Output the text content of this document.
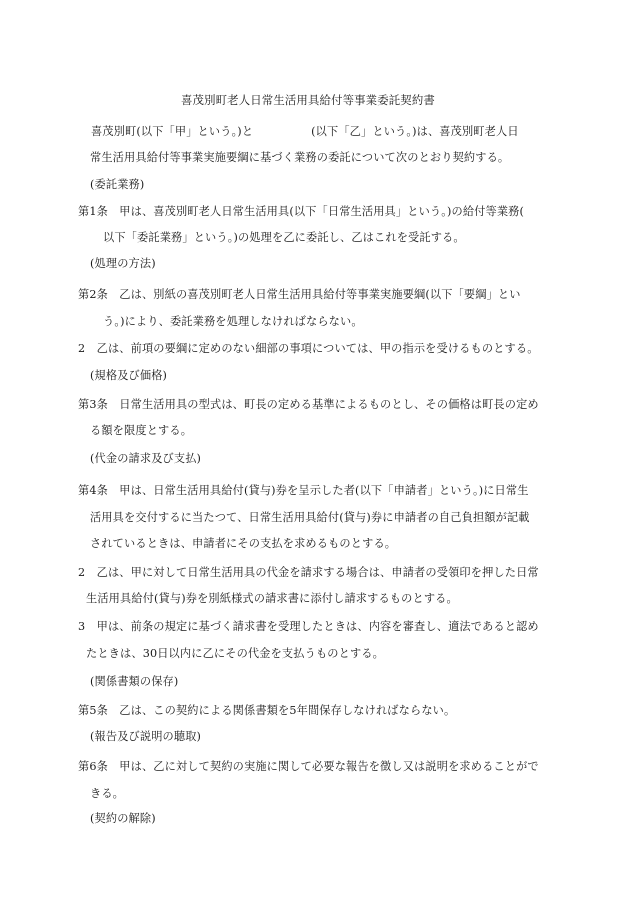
喜茂別町老人日常生活用具給付等事業委託契約書
喜茂別町(以下「甲」という。)と	(以下「乙」という。)は、喜茂別町老人日
常生活用具給付等事業実施要綱に基づく業務の委託について次のとおり契約する。
(委託業務)
第1条　甲は、喜茂別町老人日常生活用具(以下「日常生活用具」という。)の給付等業務(
以下「委託業務」という。)の処理を乙に委託し、乙はこれを受託する。
(処理の方法)
第2条　乙は、別紙の喜茂別町老人日常生活用具給付等事業実施要綱(以下「要綱」とい
う。)により、委託業務を処理しなければならない。
2　乙は、前項の要綱に定めのない細部の事項については、甲の指示を受けるものとする。
(規格及び価格)
第3条　日常生活用具の型式は、町長の定める基準によるものとし、その価格は町長の定め
る額を限度とする。
(代金の請求及び支払)
第4条　甲は、日常生活用具給付(貸与)券を呈示した者(以下「申請者」という。)に日常生
活用具を交付するに当たつて、日常生活用具給付(貸与)券に申請者の自己負担額が記載
されているときは、申請者にその支払を求めるものとする。
2　乙は、甲に対して日常生活用具の代金を請求する場合は、申請者の受領印を押した日常
生活用具給付(貸与)券を別紙様式の請求書に添付し請求するものとする。
3　甲は、前条の規定に基づく請求書を受理したときは、内容を審査し、適法であると認め
たときは、30日以内に乙にその代金を支払うものとする。
(関係書類の保存)
第5条　乙は、この契約による関係書類を5年間保存しなければならない。
(報告及び説明の聴取)
第6条　甲は、乙に対して契約の実施に関して必要な報告を徴し又は説明を求めることがで
きる。
(契約の解除)
